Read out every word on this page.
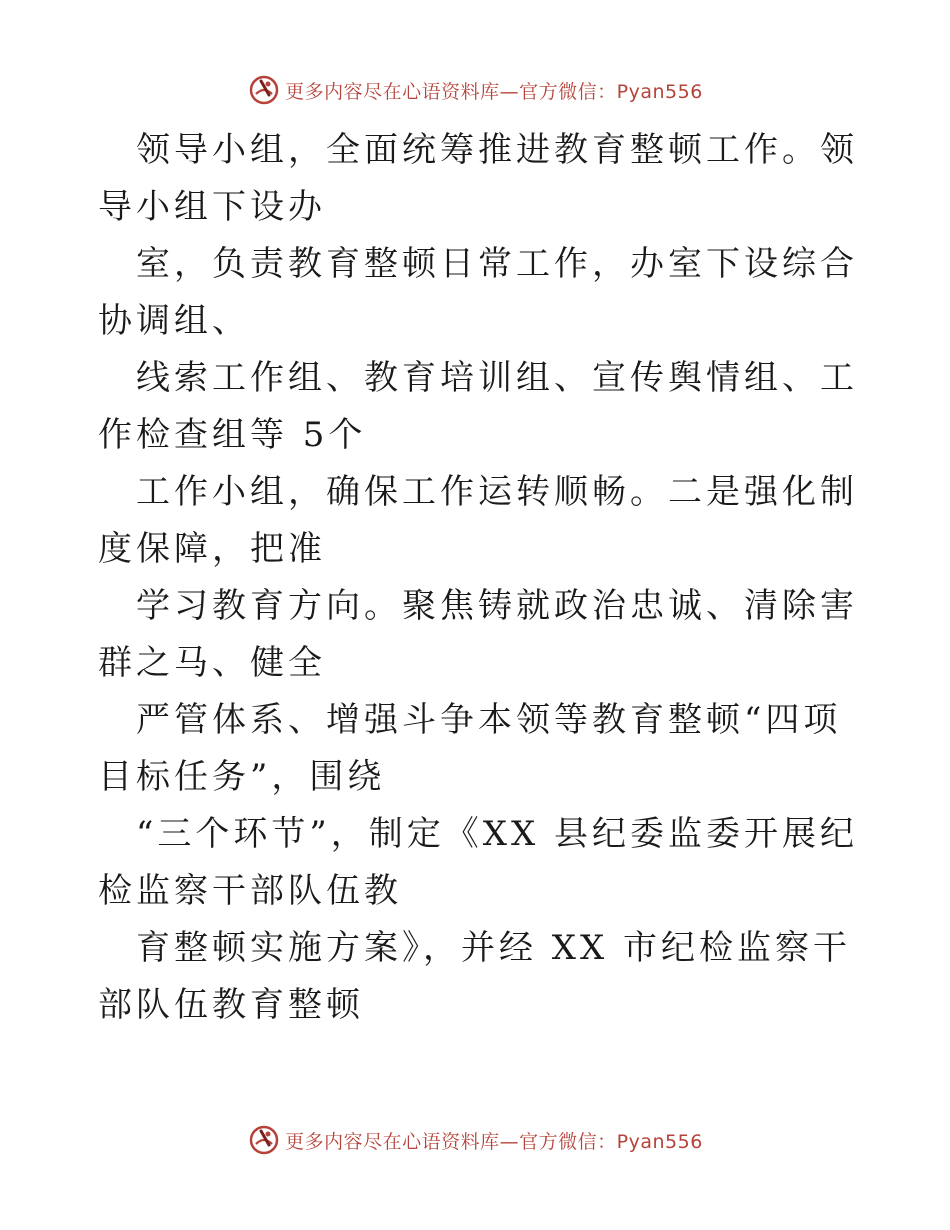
更多内容尽在心语资料库—官方微信：Pyan556

领导小组，全面统筹推进教育整顿工作。领导小组下设办

室，负责教育整顿日常工作，办室下设综合协调组、

线索工作组、教育培训组、宣传舆情组、工作检查组等 5个

工作小组，确保工作运转顺畅。二是强化制度保障，把准

学习教育方向。聚焦铸就政治忠诚、清除害群之马、健全

严管体系、增强斗争本领等教育整顿“四项目标任务”，围绕

“三个环节”，制定《XX 县纪委监委开展纪检监察干部队伍教

育整顿实施方案》，并经 XX 市纪检监察干部队伍教育整顿

更多内容尽在心语资料库—官方微信：Pyan556
